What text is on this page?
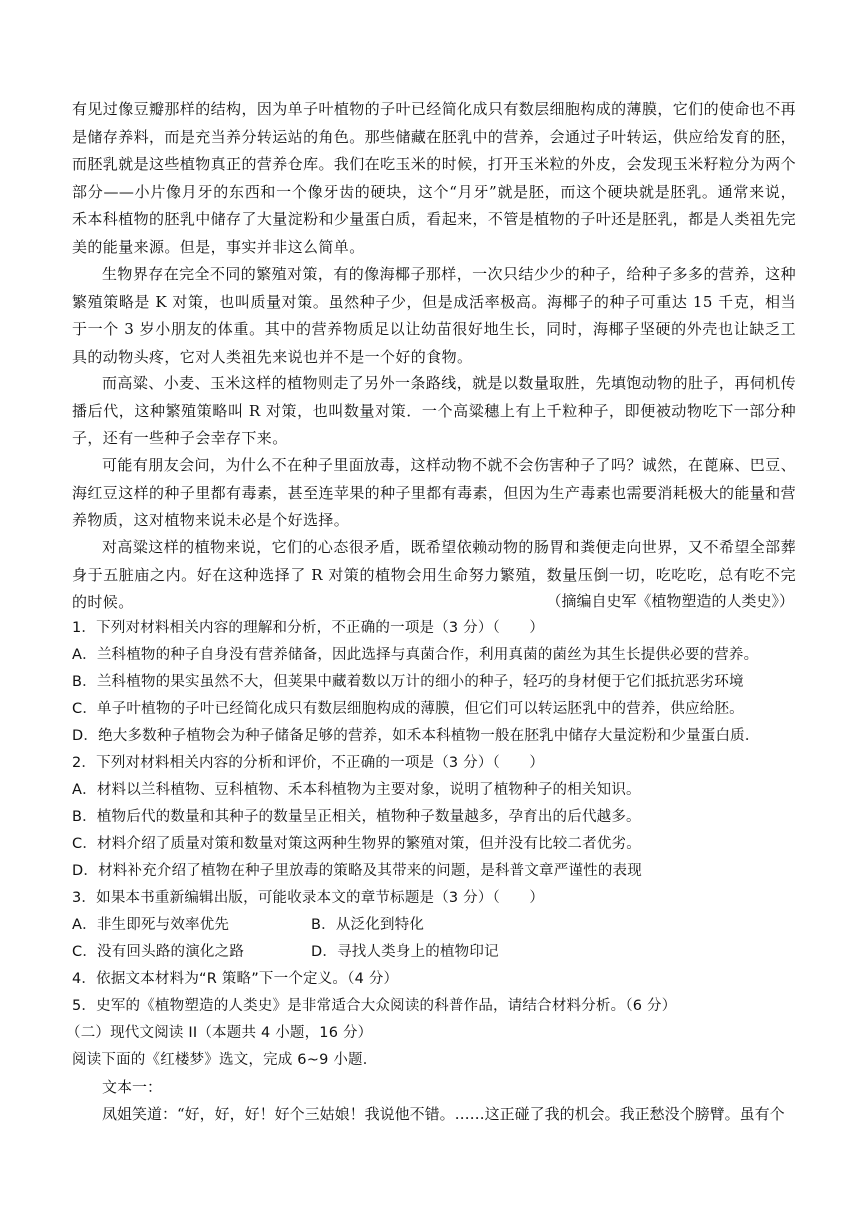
有见过像豆瓣那样的结构，因为单子叶植物的子叶已经简化成只有数层细胞构成的薄膜，它们的使命也不再是储存养料，而是充当养分转运站的角色。那些储藏在胚乳中的营养，会通过子叶转运，供应给发育的胚，而胚乳就是这些植物真正的营养仓库。我们在吃玉米的时候，打开玉米粒的外皮，会发现玉米籽粒分为两个部分——小片像月牙的东西和一个像牙齿的硬块，这个“月牙”就是胚，而这个硬块就是胚乳。通常来说，禾本科植物的胚乳中储存了大量淀粉和少量蛋白质，看起来，不管是植物的子叶还是胚乳，都是人类祖先完美的能量来源。但是，事实并非这么简单。
生物界存在完全不同的繁殖对策，有的像海椰子那样，一次只结少少的种子，给种子多多的营养，这种繁殖策略是 K 对策，也叫质量对策。虽然种子少，但是成活率极高。海椰子的种子可重达 15 千克，相当于一个 3 岁小朋友的体重。其中的营养物质足以让幼苗很好地生长，同时，海椰子坚硬的外壳也让缺乏工具的动物头疼，它对人类祖先来说也并不是一个好的食物。
而高粱、小麦、玉米这样的植物则走了另外一条路线，就是以数量取胜，先填饱动物的肚子，再伺机传播后代，这种繁殖策略叫 R 对策，也叫数量对策．一个高粱穗上有上千粒种子，即便被动物吃下一部分种子，还有一些种子会幸存下来。
可能有朋友会问，为什么不在种子里面放毒，这样动物不就不会伤害种子了吗？诚然，在蓖麻、巴豆、海红豆这样的种子里都有毒素，甚至连苹果的种子里都有毒素，但因为生产毒素也需要消耗极大的能量和营养物质，这对植物来说未必是个好选择。
对高粱这样的植物来说，它们的心态很矛盾，既希望依赖动物的肠胃和粪便走向世界，又不希望全部葬身于五脏庙之内。好在这种选择了 R 对策的植物会用生命努力繁殖，数量压倒一切，吃吃吃，总有吃不完的时候。	（摘编自史军《植物塑造的人类史》）
1．下列对材料相关内容的理解和分析，不正确的一项是（3 分）（　　）
A．兰科植物的种子自身没有营养储备，因此选择与真菌合作，利用真菌的菌丝为其生长提供必要的营养。
B．兰科植物的果实虽然不大，但荚果中藏着数以万计的细小的种子，轻巧的身材便于它们抵抗恶劣环境
C．单子叶植物的子叶已经简化成只有数层细胞构成的薄膜，但它们可以转运胚乳中的营养，供应给胚。
D．绝大多数种子植物会为种子储备足够的营养，如禾本科植物一般在胚乳中储存大量淀粉和少量蛋白质．
2．下列对材料相关内容的分析和评价，不正确的一项是（3 分）（　　）
A．材料以兰科植物、豆科植物、禾本科植物为主要对象，说明了植物种子的相关知识。
B．植物后代的数量和其种子的数量呈正相关，植物种子数量越多，孕育出的后代越多。
C．材料介绍了质量对策和数量对策这两种生物界的繁殖对策，但并没有比较二者优劣。
D．材料补充介绍了植物在种子里放毒的策略及其带来的问题，是科普文章严谨性的表现
3．如果本书重新编辑出版，可能收录本文的章节标题是（3 分）（　　）
A．非生即死与效率优先	B．从泛化到特化
C．没有回头路的演化之路	D．寻找人类身上的植物印记
4．依据文本材料为“R 策略”下一个定义。（4 分）
5．史军的《植物塑造的人类史》是非常适合大众阅读的科普作品，请结合材料分析。（6 分）
（二）现代文阅读 II（本题共 4 小题，16 分）
阅读下面的《红楼梦》选文，完成 6~9 小题．
文本一：
凤姐笑道：“好，好，好！好个三姑娘！我说他不错。……这正碰了我的机会。我正愁没个膀臂。虽有个
